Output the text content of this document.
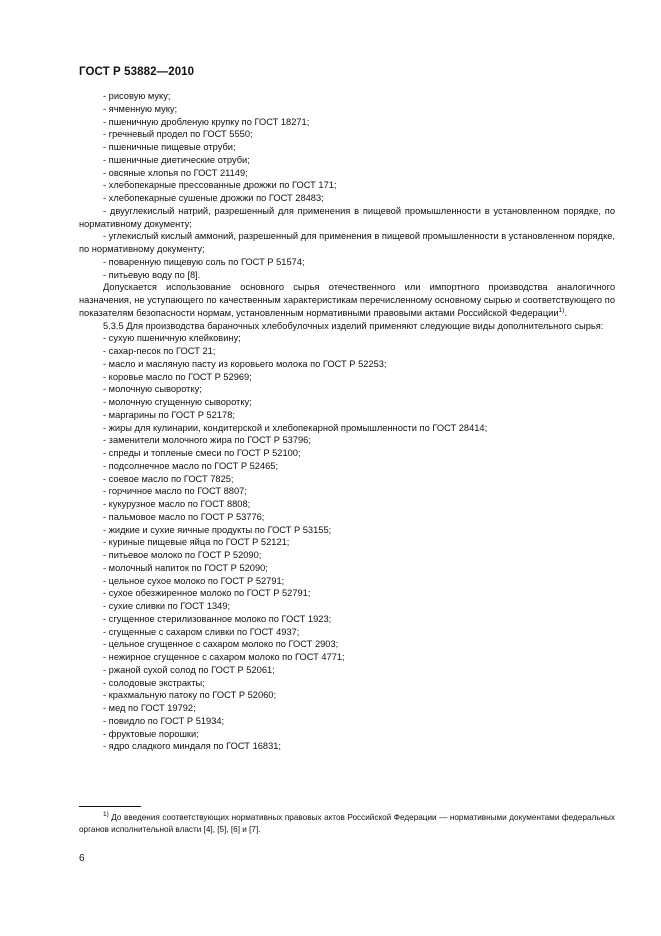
ГОСТ Р 53882—2010

- рисовую муку;

- ячменную муку;

- пшеничную дробленую крупку по ГОСТ 18271;

- гречневый продел по ГОСТ 5550;

- пшеничные пищевые отруби;

- пшеничные диетические отруби;

- овсяные хлопья по ГОСТ 21149;

- хлебопекарные прессованные дрожжи по ГОСТ 171;

- хлебопекарные сушеные дрожжи по ГОСТ 28483;

- двууглекислый натрий, разрешенный для применения в пищевой промышленности в установленном порядке, по нормативному документу;

- углекислый кислый аммоний, разрешенный для применения в пищевой промышленности в установленном порядке, по нормативному документу;

- поваренную пищевую соль по ГОСТ Р 51574;

- питьевую воду по [8].

Допускается использование основного сырья отечественного или импортного производства аналогичного назначения, не уступающего по качественным характеристикам перечисленному основному сырью и соответствующего по показателям безопасности нормам, установленным нормативными правовыми актами Российской Федерации$^{1)}$.

5.3.5 Для производства бараночных хлебобулочных изделий применяют следующие виды дополнительного сырья:

- сухую пшеничную клейковину;

- сахар-песок по ГОСТ 21;

- масло и масляную пасту из коровьего молока по ГОСТ Р 52253;

- коровье масло по ГОСТ Р 52969;

- молочную сыворотку;

- молочную сгущенную сыворотку;

- маргарины по ГОСТ Р 52178;

- жиры для кулинарии, кондитерской и хлебопекарной промышленности по ГОСТ 28414;

- заменители молочного жира по ГОСТ Р 53796;

- спреды и топленые смеси по ГОСТ Р 52100;

- подсолнечное масло по ГОСТ Р 52465;

- соевое масло по ГОСТ 7825;

- горчичное масло по ГОСТ 8807;

- кукурузное масло по ГОСТ 8808;

- пальмовое масло по ГОСТ Р 53776;

- жидкие и сухие яичные продукты по ГОСТ Р 53155;

- куриные пищевые яйца по ГОСТ Р 52121;

- питьевое молоко по ГОСТ Р 52090;

- молочный напиток по ГОСТ Р 52090;

- цельное сухое молоко по ГОСТ Р 52791;

- сухое обезжиренное молоко по ГОСТ Р 52791;

- сухие сливки по ГОСТ 1349;

- сгущенное стерилизованное молоко по ГОСТ 1923;

- сгущенные с сахаром сливки по ГОСТ 4937;

- цельное сгущенное с сахаром молоко по ГОСТ 2903;

- нежирное сгущенное с сахаром молоко по ГОСТ 4771;

- ржаной сухой солод по ГОСТ Р 52061;

- солодовые экстракты;

- крахмальную патоку по ГОСТ Р 52060;

- мед по ГОСТ 19792;

- повидло по ГОСТ Р 51934;

- фруктовые порошки;

- ядро сладкого миндаля по ГОСТ 16831;

$^{1)}$ До введения соответствующих нормативных правовых актов Российской Федерации — нормативными документами федеральных органов исполнительной власти [4], [5], [6] и [7].

6
